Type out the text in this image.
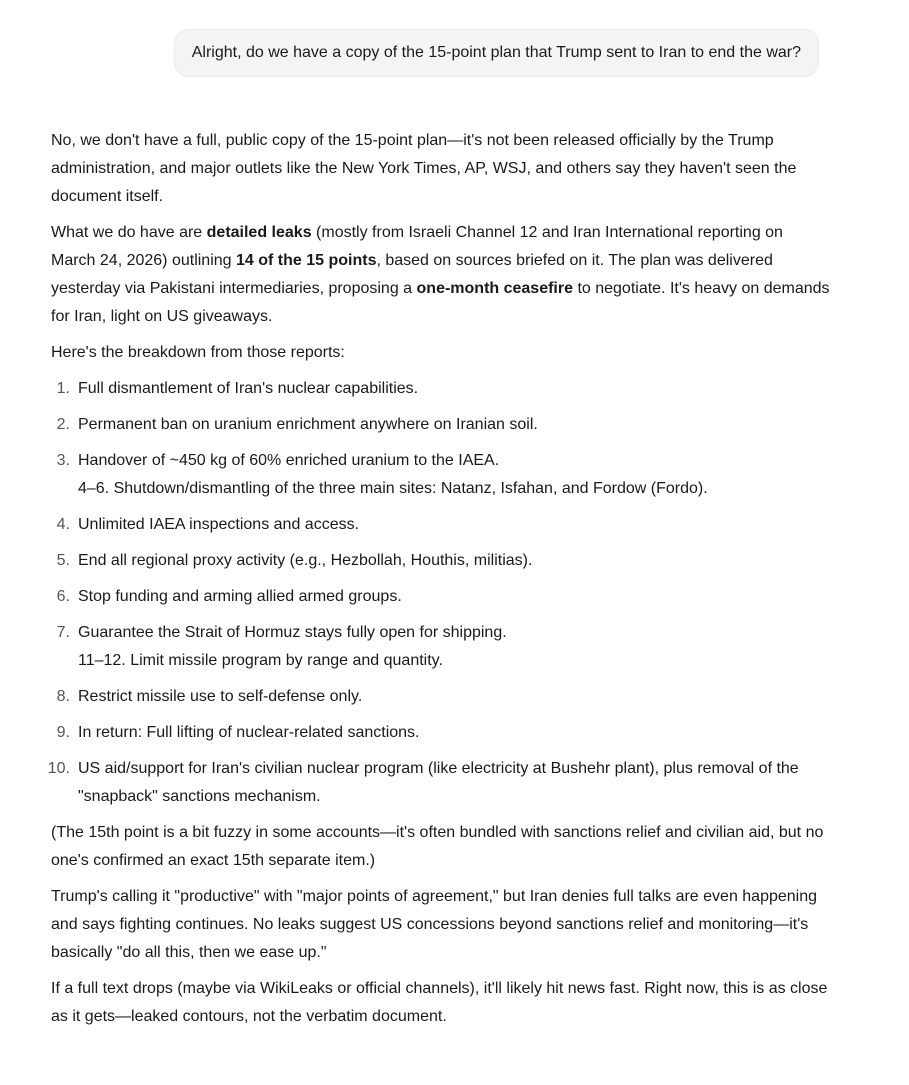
Alright, do we have a copy of the 15-point plan that Trump sent to Iran to end the war?

No, we don't have a full, public copy of the 15-point plan—it's not been released officially by the Trump administration, and major outlets like the New York Times, AP, WSJ, and others say they haven't seen the document itself.

What we do have are detailed leaks (mostly from Israeli Channel 12 and Iran International reporting on March 24, 2026) outlining 14 of the 15 points, based on sources briefed on it. The plan was delivered yesterday via Pakistani intermediaries, proposing a one-month ceasefire to negotiate. It's heavy on demands for Iran, light on US giveaways.

Here's the breakdown from those reports:

1. Full dismantlement of Iran's nuclear capabilities.
2. Permanent ban on uranium enrichment anywhere on Iranian soil.
3. Handover of ~450 kg of 60% enriched uranium to the IAEA.
4–6. Shutdown/dismantling of the three main sites: Natanz, Isfahan, and Fordow (Fordo).
4. Unlimited IAEA inspections and access.
5. End all regional proxy activity (e.g., Hezbollah, Houthis, militias).
6. Stop funding and arming allied armed groups.
7. Guarantee the Strait of Hormuz stays fully open for shipping.
11–12. Limit missile program by range and quantity.
8. Restrict missile use to self-defense only.
9. In return: Full lifting of nuclear-related sanctions.
10. US aid/support for Iran's civilian nuclear program (like electricity at Bushehr plant), plus removal of the "snapback" sanctions mechanism.

(The 15th point is a bit fuzzy in some accounts—it's often bundled with sanctions relief and civilian aid, but no one's confirmed an exact 15th separate item.)

Trump's calling it "productive" with "major points of agreement," but Iran denies full talks are even happening and says fighting continues. No leaks suggest US concessions beyond sanctions relief and monitoring—it's basically "do all this, then we ease up."

If a full text drops (maybe via WikiLeaks or official channels), it'll likely hit news fast. Right now, this is as close as it gets—leaked contours, not the verbatim document.
